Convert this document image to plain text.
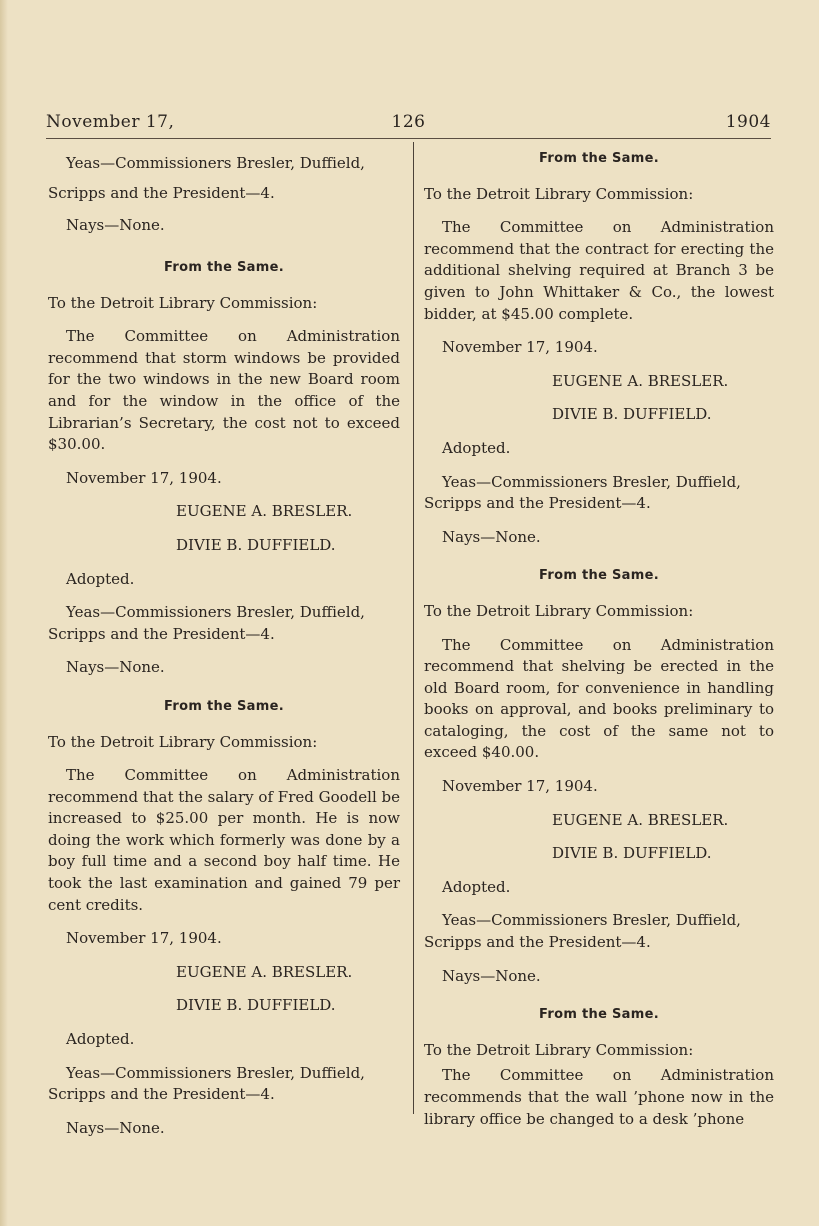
November 17,	126	1904

Yeas—Commissioners Bresler, Duffield,

Scripps and the President—4.

Nays—None.

From the Same.

To the Detroit Library Commission:

The Committee on Administration recommend that storm windows be provided for the two windows in the new Board room and for the window in the office of the Librarian’s Secretary, the cost not to exceed $30.00.

November 17, 1904.

EUGENE A. BRESLER.

DIVIE B. DUFFIELD.

Adopted.

Yeas—Commissioners Bresler, Duffield, Scripps and the President—4.

Nays—None.

From the Same.

To the Detroit Library Commission:

The Committee on Administration recommend that the salary of Fred Goodell be increased to $25.00 per month. He is now doing the work which formerly was done by a boy full time and a second boy half time. He took the last examination and gained 79 per cent credits.

November 17, 1904.

EUGENE A. BRESLER.

DIVIE B. DUFFIELD.

Adopted.

Yeas—Commissioners Bresler, Duffield, Scripps and the President—4.

Nays—None.

From the Same.

To the Detroit Library Commission:

The Committee on Administration recommend that the contract for erecting the additional shelving required at Branch 3 be given to John Whittaker & Co., the lowest bidder, at $45.00 complete.

November 17, 1904.

EUGENE A. BRESLER.

DIVIE B. DUFFIELD.

Adopted.

Yeas—Commissioners Bresler, Duffield, Scripps and the President—4.

Nays—None.

From the Same.

To the Detroit Library Commission:

The Committee on Administration recommend that shelving be erected in the old Board room, for convenience in handling books on approval, and books preliminary to cataloging, the cost of the same not to exceed $40.00.

November 17, 1904.

EUGENE A. BRESLER.

DIVIE B. DUFFIELD.

Adopted.

Yeas—Commissioners Bresler, Duffield, Scripps and the President—4.

Nays—None.

From the Same.

To the Detroit Library Commission:

The Committee on Administration recommends that the wall ’phone now in the library office be changed to a desk ’phone
